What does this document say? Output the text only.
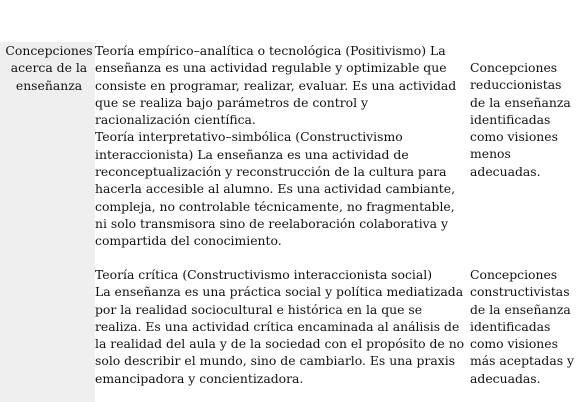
Concepciones acerca de la enseñanza

Teoría empírico–analítica o tecnológica (Positivismo) La enseñanza es una actividad regulable y optimizable que consiste en programar, realizar, evaluar. Es una actividad que se realiza bajo parámetros de control y racionalización científica.

Teoría interpretativo–simbólica (Constructivismo interaccionista) La enseñanza es una actividad de reconceptualización y reconstrucción de la cultura para hacerla accesible al alumno. Es una actividad cambiante, compleja, no controlable técnicamente, no fragmentable, ni solo transmisora sino de reelaboración colaborativa y compartida del conocimiento.

Concepciones reduccionistas de la enseñanza identificadas como visiones menos adecuadas.

Teoría crítica (Constructivismo interaccionista social)

La enseñanza es una práctica social y política mediatizada por la realidad sociocultural e histórica en la que se realiza. Es una actividad crítica encaminada al análisis de la realidad del aula y de la sociedad con el propósito de no solo describir el mundo, sino de cambiarlo. Es una praxis emancipadora y concientizadora.

Concepciones constructivistas de la enseñanza identificadas como visiones más aceptadas y adecuadas.
